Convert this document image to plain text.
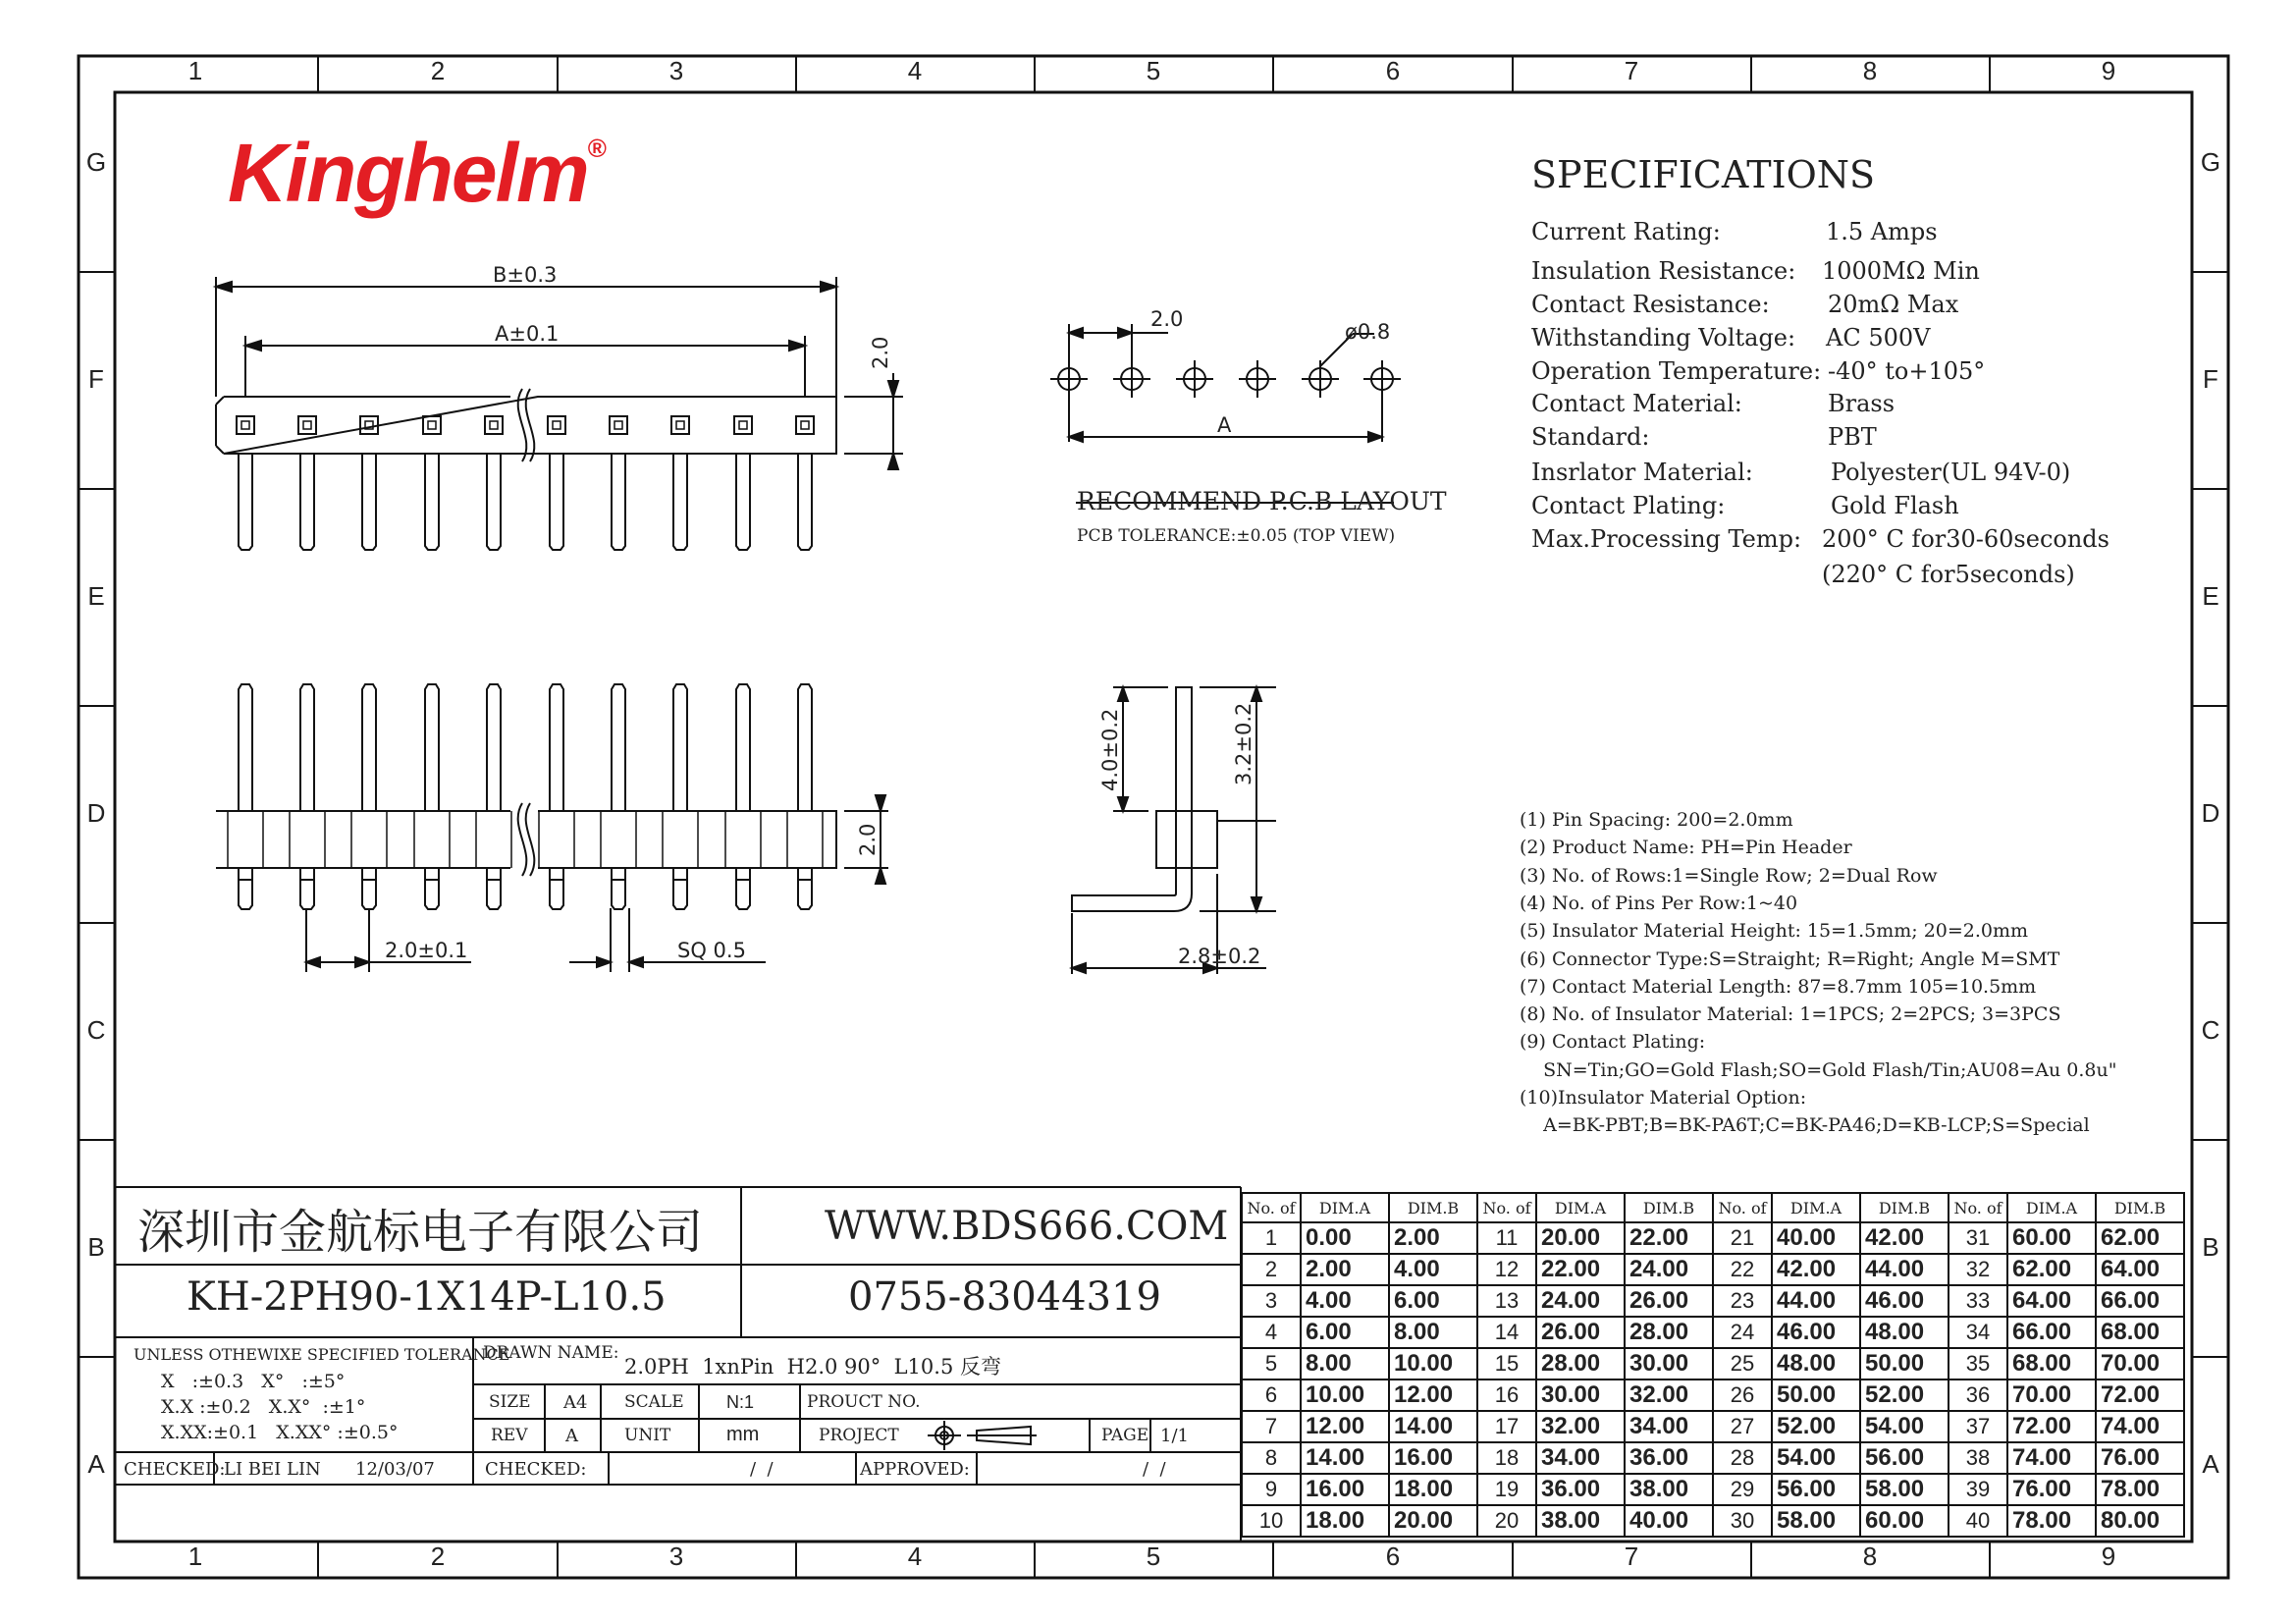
B±0.3
A±0.1
2.0
2.0
ø0.8
A
2.0
2.0±0.1	SQ 0.5
4.0±0.2	3.2±0.2
2.8±0.2
1	2	3	4	5	6	7	8	9
1	2	3	4	5	6	7	8	9
G
F
E
D
C
B
A
G
F
E
D
C
B
A
Kinghelm®
SPECIFICATIONS
Current Rating:	1.5 Amps
Insulation Resistance: 1000MΩ Min
Contact Resistance: 20mΩ Max
Withstanding Voltage: AC 500V
Operation Temperature: -40° to+105°
Contact Material:	Brass
Standard:	PBT
Insrlator Material:	Polyester(UL 94V-0)
Contact Plating:	Gold Flash
Max.Processing Temp: 200° C for30-60seconds
(220° C for5seconds)
RECOMMEND P.C.B LAYOUT
PCB TOLERANCE:±0.05 (TOP VIEW)
(1) Pin Spacing: 200=2.0mm
(2) Product Name: PH=Pin Header
(3) No. of Rows:1=Single Row; 2=Dual Row
(4) No. of Pins Per Row:1~40
(5) Insulator Material Height: 15=1.5mm; 20=2.0mm
(6) Connector Type:S=Straight; R=Right; Angle M=SMT
(7) Contact Material Length: 87=8.7mm 105=10.5mm
(8) No. of Insulator Material: 1=1PCS; 2=2PCS; 3=3PCS
(9) Contact Plating:
SN=Tin;GO=Gold Flash;SO=Gold Flash/Tin;AU08=Au 0.8u"
(10)Insulator Material Option:
A=BK-PBT;B=BK-PA6T;C=BK-PA46;D=KB-LCP;S=Special
深圳市金航标电子有限公司	WWW.BDS666.COM
KH-2PH90-1X14P-L10.5	0755-83044319
UNLESS OTHEWIXE SPECIFIED TOLERANCE
X   :±0.3   X°   :±5°
X.X :±0.2   X.X°  :±1°
X.XX:±0.1   X.XX° :±0.5°
DRAWN NAME:
2.0PH  1xnPin  H2.0 90°  L10.5 反弯
SIZE A4 SCALE N:1	PROUCT NO.
REV A	UNIT	mm	PROJECT	PAGE 1/1
CHECKED:
LI BEI LIN 12/03/07	CHECKED:	/  /	APPROVED:	/  /
No. of	DIM.A	DIM.B	No. of	DIM.A	DIM.B	No. of	DIM.A	DIM.B	No. of	DIM.A	DIM.B
1	0.00	2.00	11	20.00	22.00	21	40.00	42.00	31	60.00	62.00
2	2.00	4.00	12	22.00	24.00	22	42.00	44.00	32	62.00	64.00
3	4.00	6.00	13	24.00	26.00	23	44.00	46.00	33	64.00	66.00
4	6.00	8.00	14	26.00	28.00	24	46.00	48.00	34	66.00	68.00
5	8.00	10.00	15	28.00	30.00	25	48.00	50.00	35	68.00	70.00
6	10.00	12.00	16	30.00	32.00	26	50.00	52.00	36	70.00	72.00
7	12.00	14.00	17	32.00	34.00	27	52.00	54.00	37	72.00	74.00
8	14.00	16.00	18	34.00	36.00	28	54.00	56.00	38	74.00	76.00
9	16.00	18.00	19	36.00	38.00	29	56.00	58.00	39	76.00	78.00
10	18.00	20.00	20	38.00	40.00	30	58.00	60.00	40	78.00	80.00
